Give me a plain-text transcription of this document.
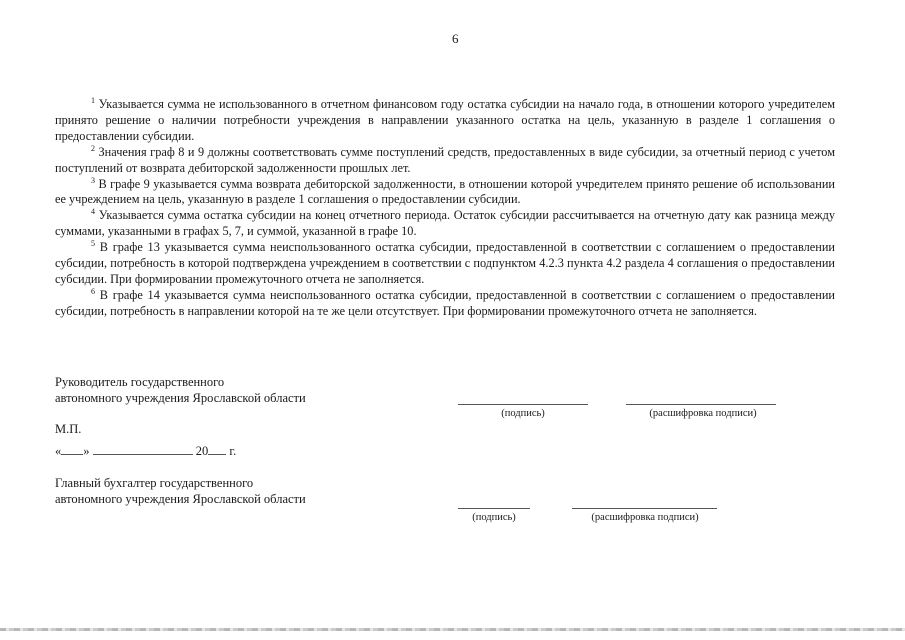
6

$^1$ Указывается сумма не использованного в отчетном финансовом году остатка субсидии на начало года, в отношении которого учредителем принято решение о наличии потребности учреждения в направлении указанного остатка на цель, указанную в разделе 1 соглашения о предоставлении субсидии.

$^2$ Значения граф 8 и 9 должны соответствовать сумме поступлений средств, предоставленных в виде субсидии, за отчетный период с учетом поступлений от возврата дебиторской задолженности прошлых лет.

$^3$ В графе 9 указывается сумма возврата дебиторской задолженности, в отношении которой учредителем принято решение об использовании ее учреждением на цель, указанную в разделе 1 соглашения о предоставлении субсидии.

$^4$ Указывается сумма остатка субсидии на конец отчетного периода. Остаток субсидии рассчитывается на отчетную дату как разница между суммами, указанными в графах 5, 7, и суммой, указанной в графе 10.

$^5$ В графе 13 указывается сумма неиспользованного остатка субсидии, предоставленной в соответствии с соглашением о предоставлении субсидии, потребность в которой подтверждена учреждением в соответствии с подпунктом 4.2.3 пункта 4.2 раздела 4 соглашения о предоставлении субсидии. При формировании промежуточного отчета не заполняется.

$^6$ В графе 14 указывается сумма неиспользованного остатка субсидии, предоставленной в соответствии с соглашением о предоставлении субсидии, потребность в направлении которой на те же цели отсутствует. При формировании промежуточного отчета не заполняется.

Руководитель государственного

автономного учреждения Ярославской области

(подпись)	(расшифровка подписи)

М.П.

« »	20 г.

Главный бухгалтер государственного

автономного учреждения Ярославской области

(подпись)	(расшифровка подписи)
